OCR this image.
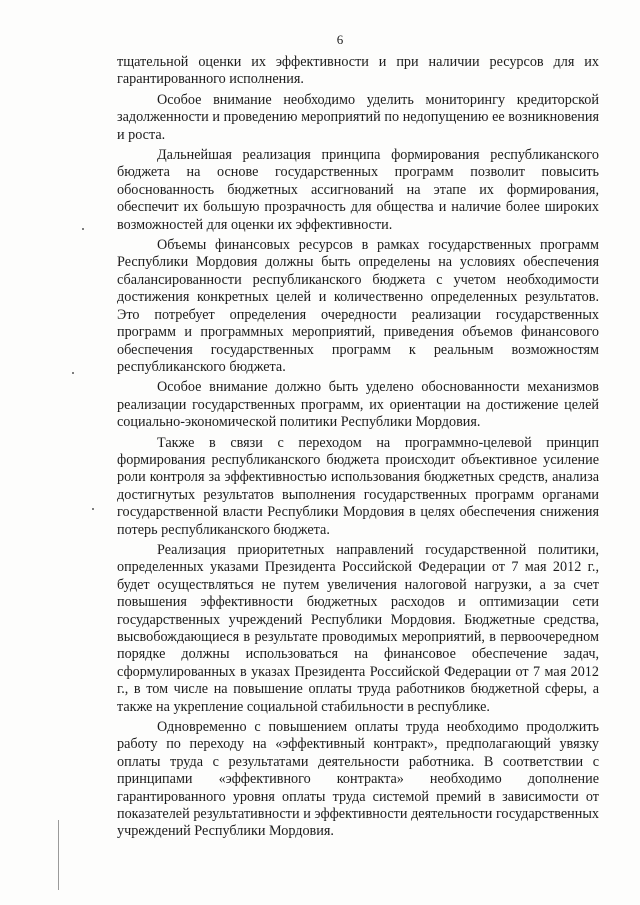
6

тщательной оценки их эффективности и при наличии ресурсов для их гарантированного исполнения.

Особое внимание необходимо уделить мониторингу кредиторской задолженности и проведению мероприятий по недопущению ее возникновения и роста.

Дальнейшая реализация принципа формирования республиканского бюджета на основе государственных программ позволит повысить обоснованность бюджетных ассигнований на этапе их формирования, обеспечит их большую прозрачность для общества и наличие более широких возможностей для оценки их эффективности.

Объемы финансовых ресурсов в рамках государственных программ Республики Мордовия должны быть определены на условиях обеспечения сбалансированности республиканского бюджета с учетом необходимости достижения конкретных целей и количественно определенных результатов. Это потребует определения очередности реализации государственных программ и программных мероприятий, приведения объемов финансового обеспечения государственных программ к реальным возможностям республиканского бюджета.

Особое внимание должно быть уделено обоснованности механизмов реализации государственных программ, их ориентации на достижение целей социально-экономической политики Республики Мордовия.

Также в связи с переходом на программно-целевой принцип формирования республиканского бюджета происходит объективное усиление роли контроля за эффективностью использования бюджетных средств, анализа достигнутых результатов выполнения государственных программ органами государственной власти Республики Мордовия в целях обеспечения снижения потерь республиканского бюджета.

Реализация приоритетных направлений государственной политики, определенных указами Президента Российской Федерации от 7 мая 2012 г., будет осуществляться не путем увеличения налоговой нагрузки, а за счет повышения эффективности бюджетных расходов и оптимизации сети государственных учреждений Республики Мордовия. Бюджетные средства, высвобождающиеся в результате проводимых мероприятий, в первоочередном порядке должны использоваться на финансовое обеспечение задач, сформулированных в указах Президента Российской Федерации от 7 мая 2012 г., в том числе на повышение оплаты труда работников бюджетной сферы, а также на укрепление социальной стабильности в республике.

Одновременно с повышением оплаты труда необходимо продолжить работу по переходу на «эффективный контракт», предполагающий увязку оплаты труда с результатами деятельности работника. В соответствии с принципами «эффективного контракта» необходимо дополнение гарантированного уровня оплаты труда системой премий в зависимости от показателей результативности и эффективности деятельности государственных учреждений Республики Мордовия.
